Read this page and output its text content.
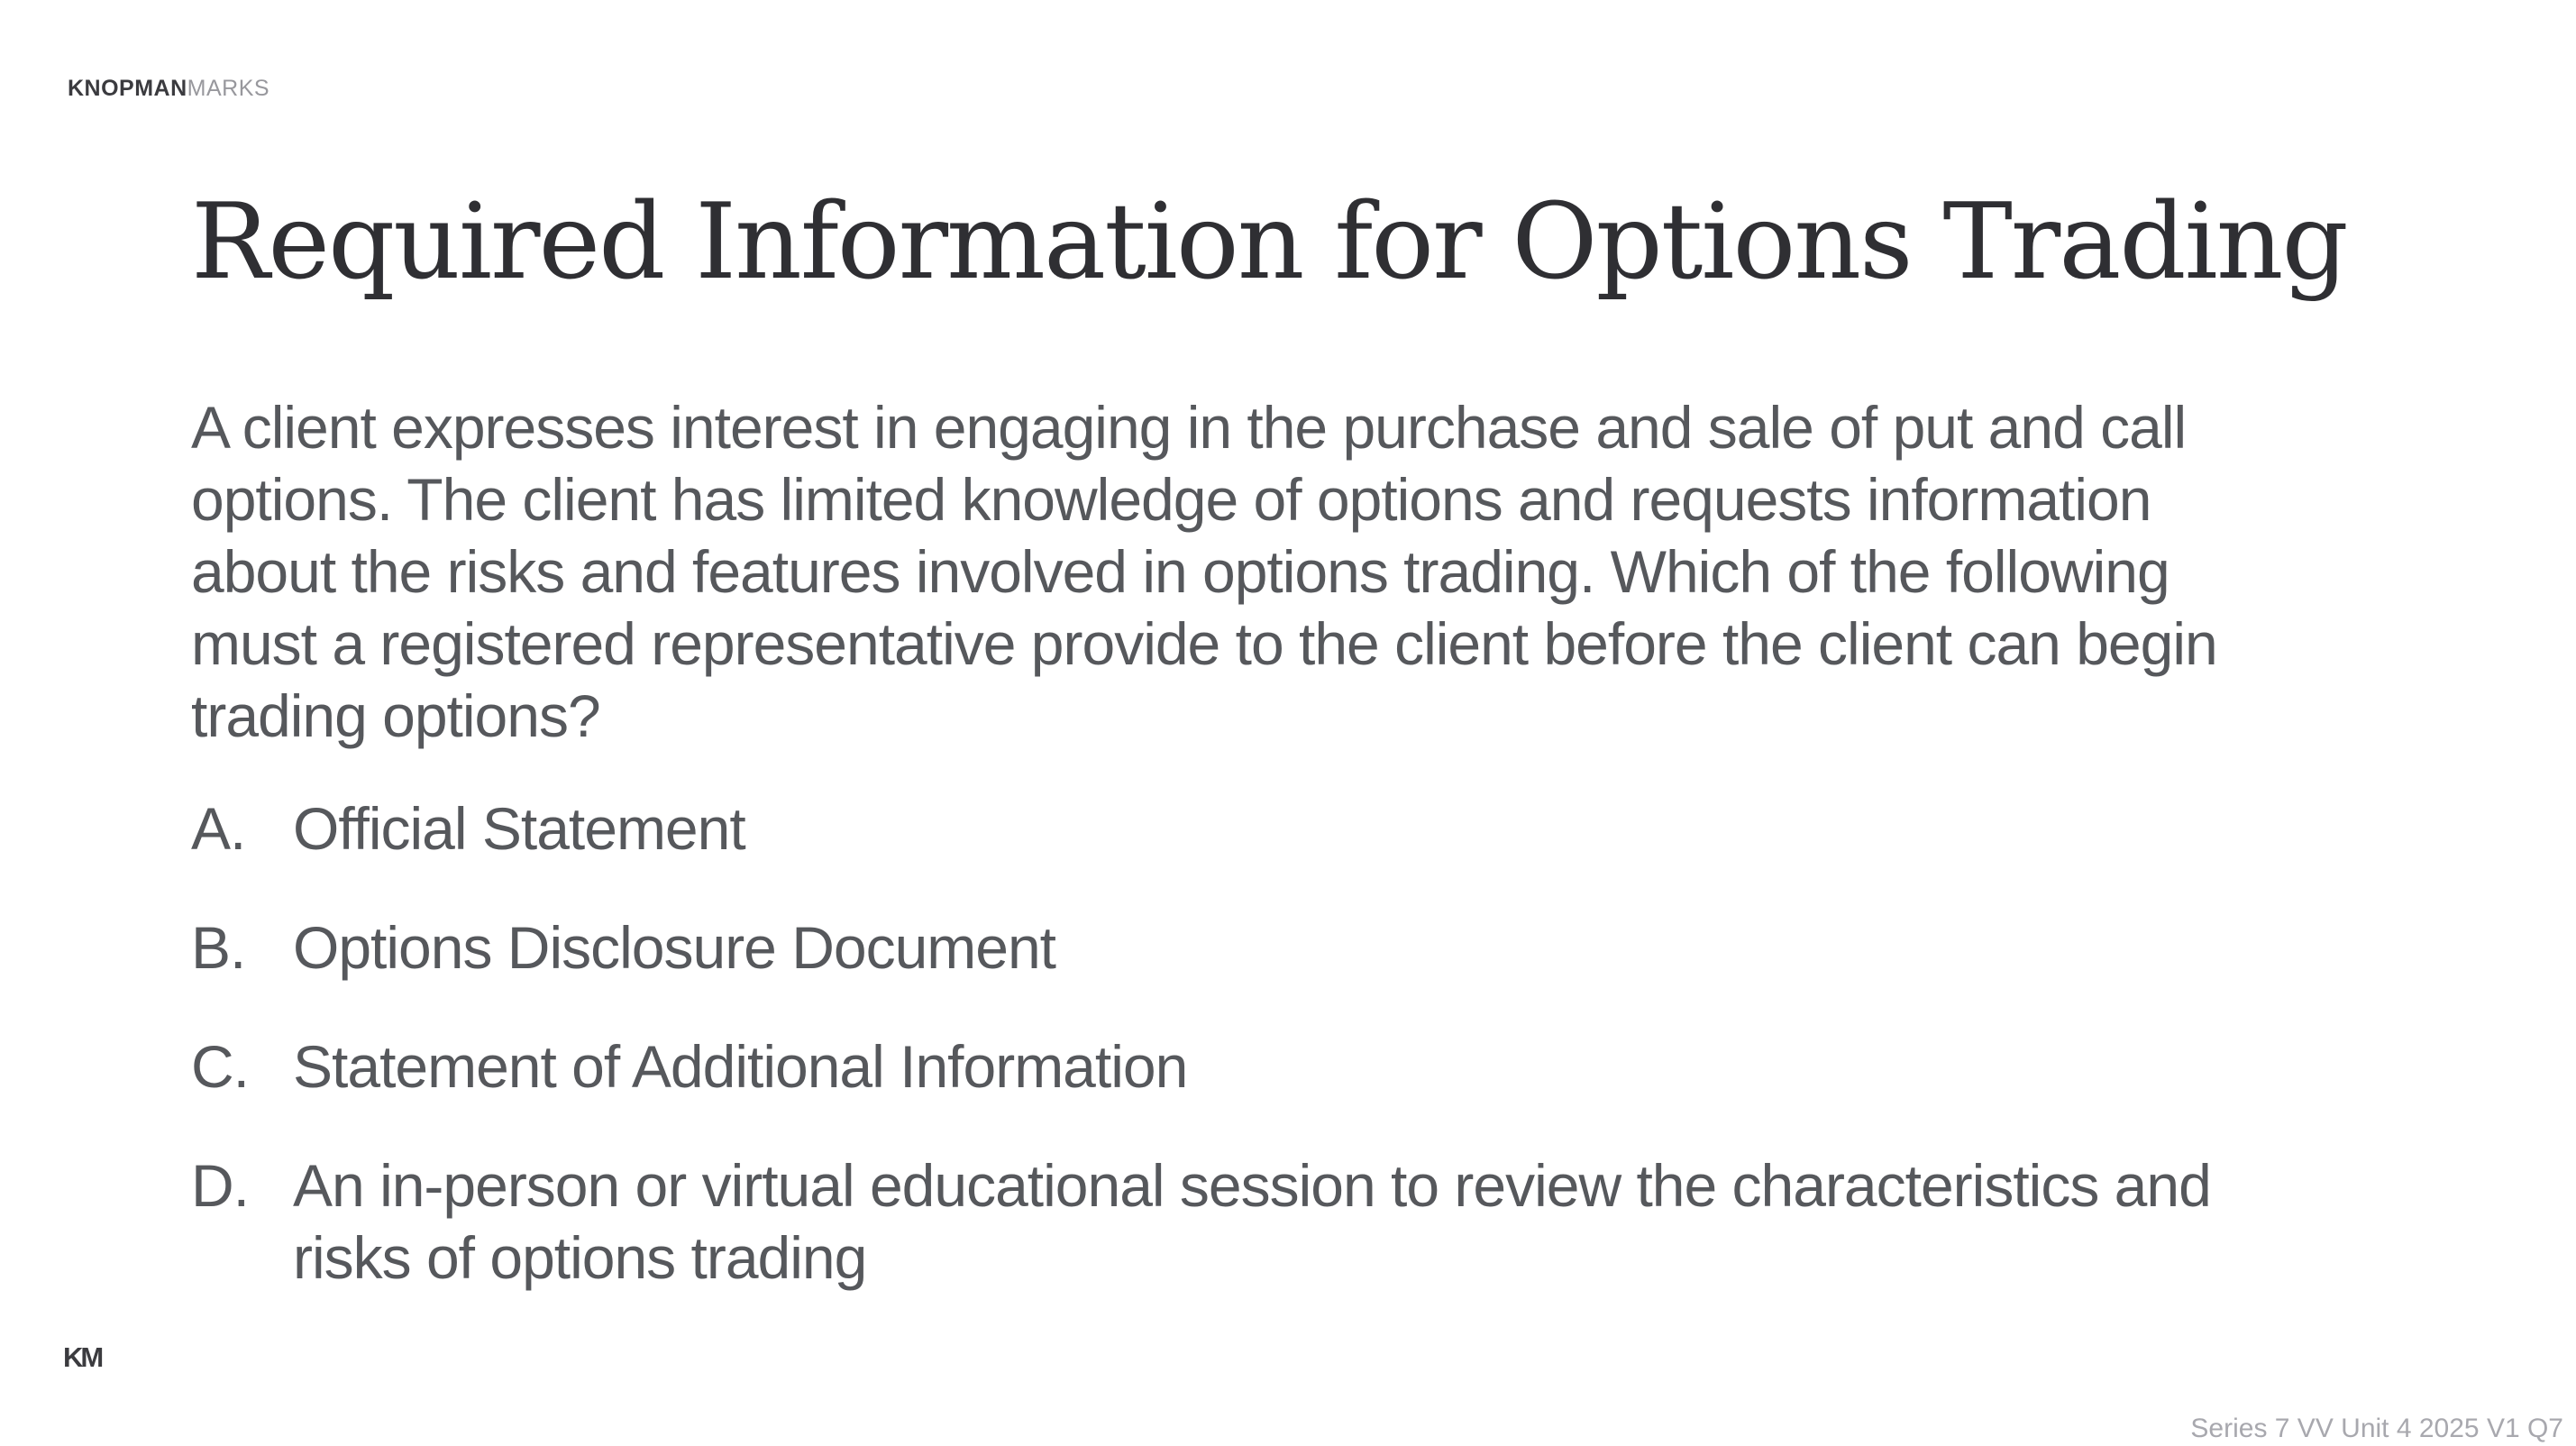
KNOPMANMARKS
Required Information for Options Trading
A client expresses interest in engaging in the purchase and sale of put and call
options. The client has limited knowledge of options and requests information
about the risks and features involved in options trading. Which of the following
must a registered representative provide to the client before the client can begin
trading options?
A. Official Statement
B. Options Disclosure Document
C. Statement of Additional Information
D. An in-person or virtual educational session to review the characteristics and
risks of options trading
KM
Series 7 VV Unit 4 2025 V1 Q7
